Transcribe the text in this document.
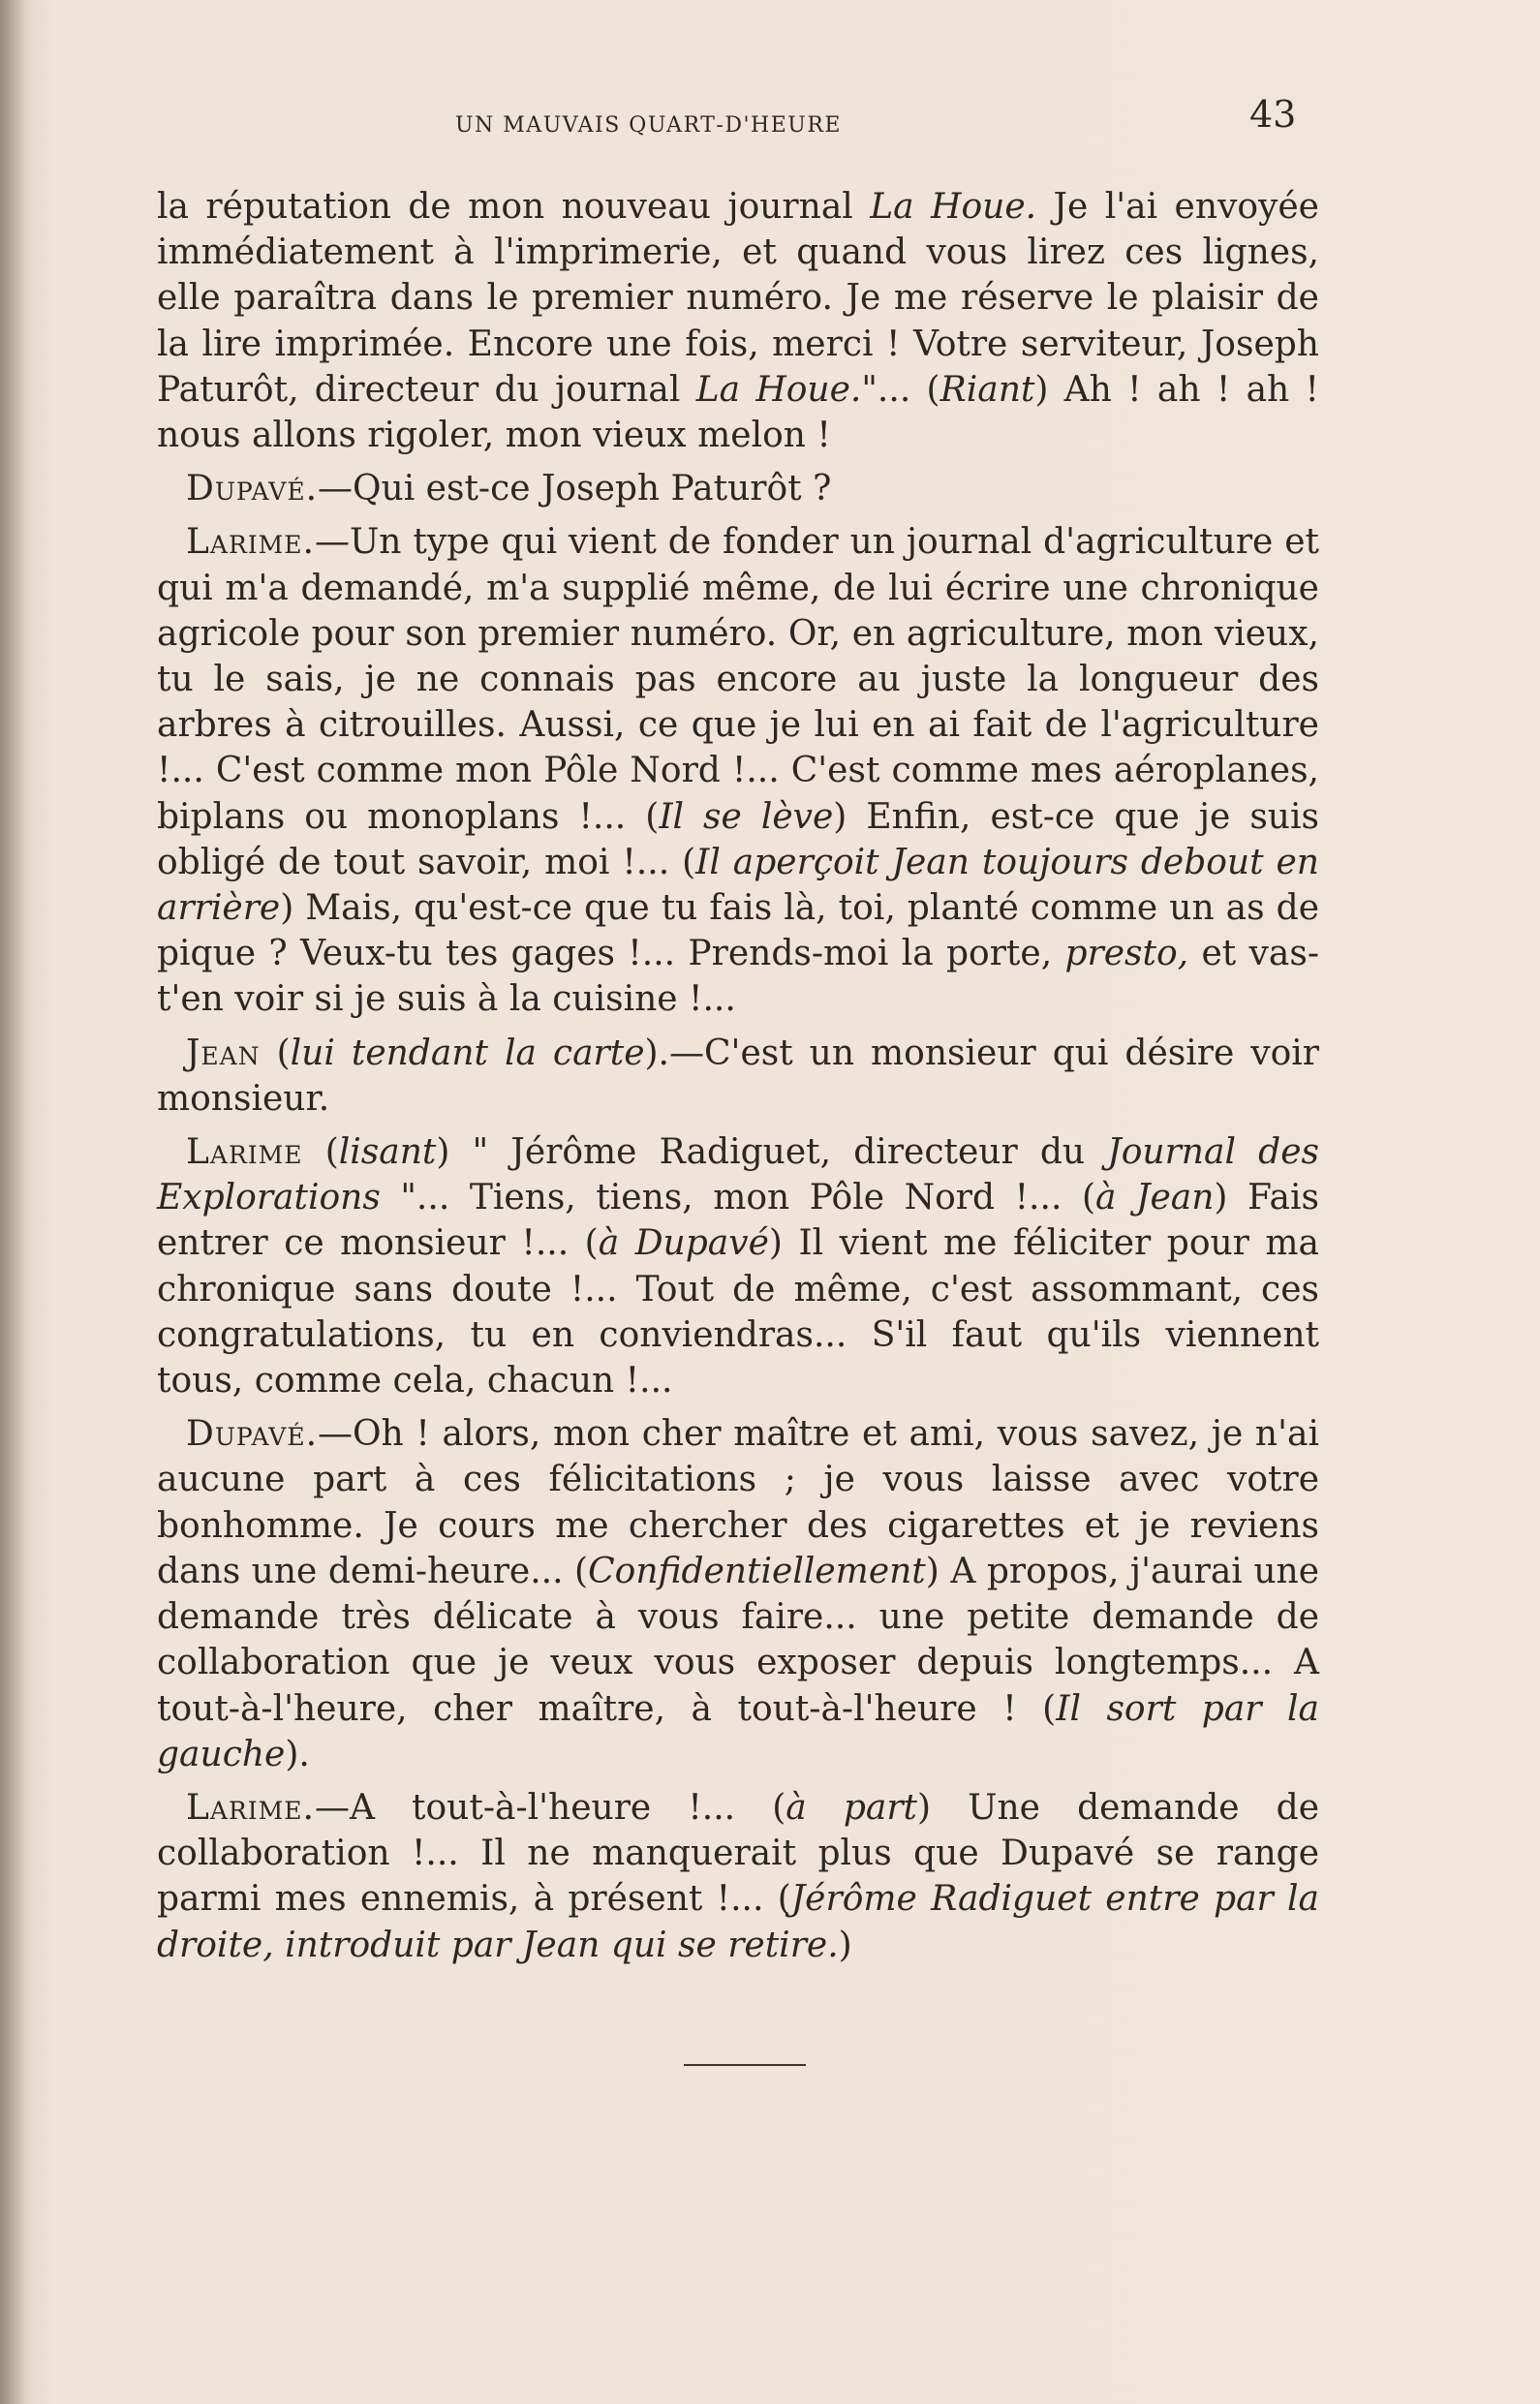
un mauvais quart-d'heure	43

la réputation de mon nouveau journal La Houe. Je l'ai envoyée immédiatement à l'imprimerie, et quand vous lirez ces lignes, elle paraîtra dans le premier numéro. Je me réserve le plaisir de la lire imprimée. Encore une fois, merci ! Votre serviteur, Joseph Paturôt, directeur du journal La Houe."... (Riant) Ah ! ah ! ah ! nous allons rigoler, mon vieux melon !

Dupavé.—Qui est-ce Joseph Paturôt ?

Larime.—Un type qui vient de fonder un journal d'agriculture et qui m'a demandé, m'a supplié même, de lui écrire une chronique agricole pour son premier numéro. Or, en agriculture, mon vieux, tu le sais, je ne connais pas encore au juste la longueur des arbres à citrouilles. Aussi, ce que je lui en ai fait de l'agriculture !... C'est comme mon Pôle Nord !... C'est comme mes aéroplanes, biplans ou monoplans !... (Il se lève) Enfin, est-ce que je suis obligé de tout savoir, moi !... (Il aperçoit Jean toujours debout en arrière) Mais, qu'est-ce que tu fais là, toi, planté comme un as de pique ? Veux-tu tes gages !... Prends-moi la porte, presto, et vas-t'en voir si je suis à la cuisine !...

Jean (lui tendant la carte).—C'est un monsieur qui désire voir monsieur.

Larime (lisant) " Jérôme Radiguet, directeur du Journal des Explorations "... Tiens, tiens, mon Pôle Nord !... (à Jean) Fais entrer ce monsieur !... (à Dupavé) Il vient me féliciter pour ma chronique sans doute !... Tout de même, c'est assommant, ces congratulations, tu en conviendras... S'il faut qu'ils viennent tous, comme cela, chacun !...

Dupavé.—Oh ! alors, mon cher maître et ami, vous savez, je n'ai aucune part à ces félicitations ; je vous laisse avec votre bonhomme. Je cours me chercher des cigarettes et je reviens dans une demi-heure... (Confidentiellement) A propos, j'aurai une demande très délicate à vous faire... une petite demande de collaboration que je veux vous exposer depuis longtemps... A tout-à-l'heure, cher maître, à tout-à-l'heure ! (Il sort par la gauche).

Larime.—A tout-à-l'heure !... (à part) Une demande de collaboration !... Il ne manquerait plus que Dupavé se range parmi mes ennemis, à présent !... (Jérôme Radiguet entre par la droite, introduit par Jean qui se retire.)
